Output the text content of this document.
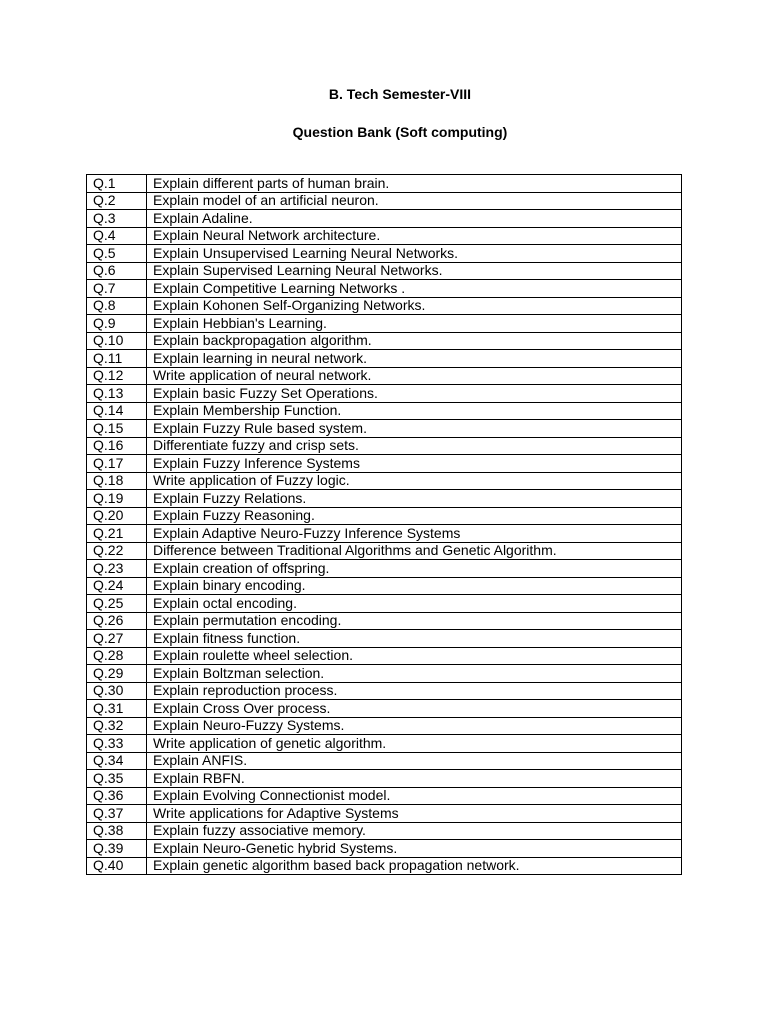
B. Tech Semester-VIII
Question Bank (Soft computing)
Q.1	Explain different parts of human brain.
Q.2	Explain model of an artificial neuron.
Q.3	Explain Adaline.
Q.4	Explain Neural Network architecture.
Q.5	Explain Unsupervised Learning Neural Networks.
Q.6	Explain Supervised Learning Neural Networks.
Q.7	Explain Competitive Learning Networks .
Q.8	Explain Kohonen Self-Organizing Networks.
Q.9	Explain Hebbian's Learning.
Q.10	Explain backpropagation algorithm.
Q.11	Explain learning in neural network.
Q.12	Write application of neural network.
Q.13	Explain basic Fuzzy Set Operations.
Q.14	Explain Membership Function.
Q.15	Explain Fuzzy Rule based system.
Q.16	Differentiate fuzzy and crisp sets.
Q.17	Explain Fuzzy Inference Systems
Q.18	Write application of Fuzzy logic.
Q.19	Explain Fuzzy Relations.
Q.20	Explain Fuzzy Reasoning.
Q.21	Explain Adaptive Neuro-Fuzzy Inference Systems
Q.22	Difference between Traditional Algorithms and Genetic Algorithm.
Q.23	Explain creation of offspring.
Q.24	Explain binary encoding.
Q.25	Explain octal encoding.
Q.26	Explain permutation encoding.
Q.27	Explain fitness function.
Q.28	Explain roulette wheel selection.
Q.29	Explain Boltzman selection.
Q.30	Explain reproduction process.
Q.31	Explain Cross Over process.
Q.32	Explain Neuro-Fuzzy Systems.
Q.33	Write application of genetic algorithm.
Q.34	Explain ANFIS.
Q.35	Explain RBFN.
Q.36	Explain Evolving Connectionist model.
Q.37	Write applications for Adaptive Systems
Q.38	Explain fuzzy associative memory.
Q.39	Explain Neuro-Genetic hybrid Systems.
Q.40	Explain genetic algorithm based back propagation network.
